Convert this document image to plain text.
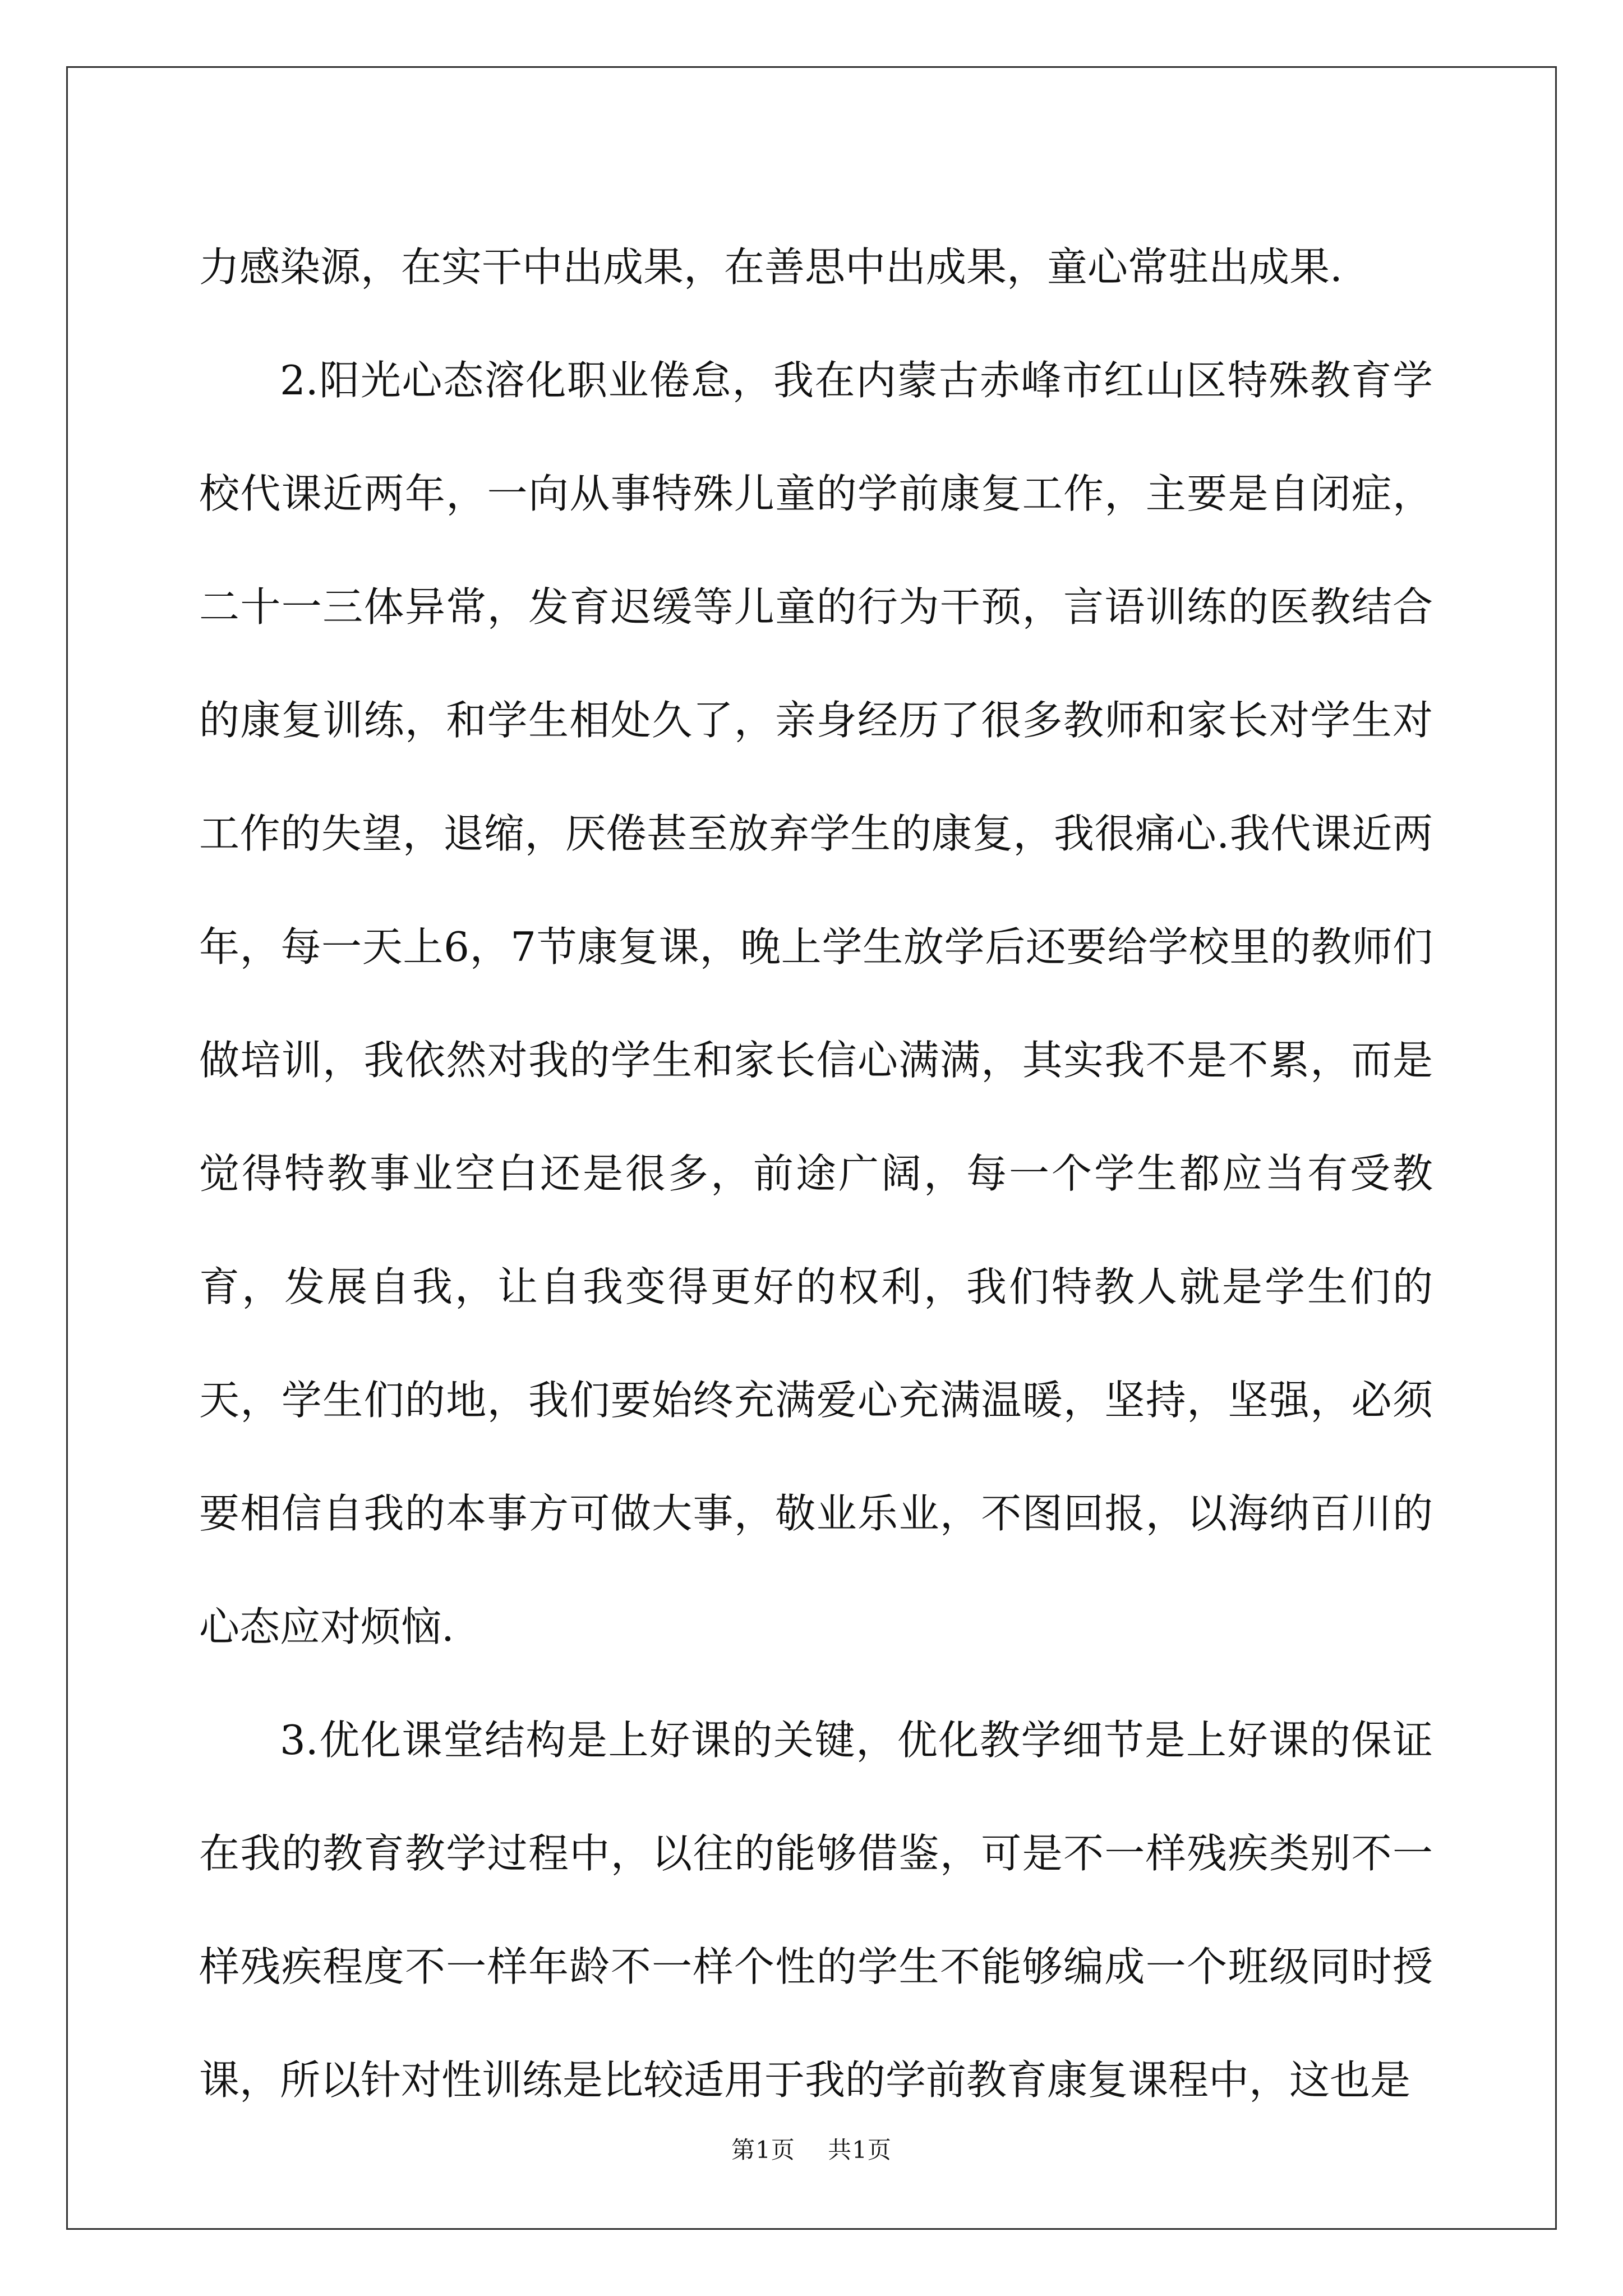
力感染源，在实干中出成果，在善思中出成果，童心常驻出成果.

2.阳光心态溶化职业倦怠，我在内蒙古赤峰市红山区特殊教育学校代课近两年，一向从事特殊儿童的学前康复工作，主要是自闭症，二十一三体异常，发育迟缓等儿童的行为干预，言语训练的医教结合的康复训练，和学生相处久了，亲身经历了很多教师和家长对学生对工作的失望，退缩，厌倦甚至放弃学生的康复，我很痛心.我代课近两年，每一天上6，7节康复课，晚上学生放学后还要给学校里的教师们做培训，我依然对我的学生和家长信心满满，其实我不是不累，而是觉得特教事业空白还是很多，前途广阔，每一个学生都应当有受教育，发展自我，让自我变得更好的权利，我们特教人就是学生们的天，学生们的地，我们要始终充满爱心充满温暖，坚持，坚强，必须要相信自我的本事方可做大事，敬业乐业，不图回报，以海纳百川的心态应对烦恼.

3.优化课堂结构是上好课的关键，优化教学细节是上好课的保证在我的教育教学过程中，以往的能够借鉴，可是不一样残疾类别不一样残疾程度不一样年龄不一样个性的学生不能够编成一个班级同时授课，所以针对性训练是比较适用于我的学前教育康复课程中，这也是

第1页 共1页
